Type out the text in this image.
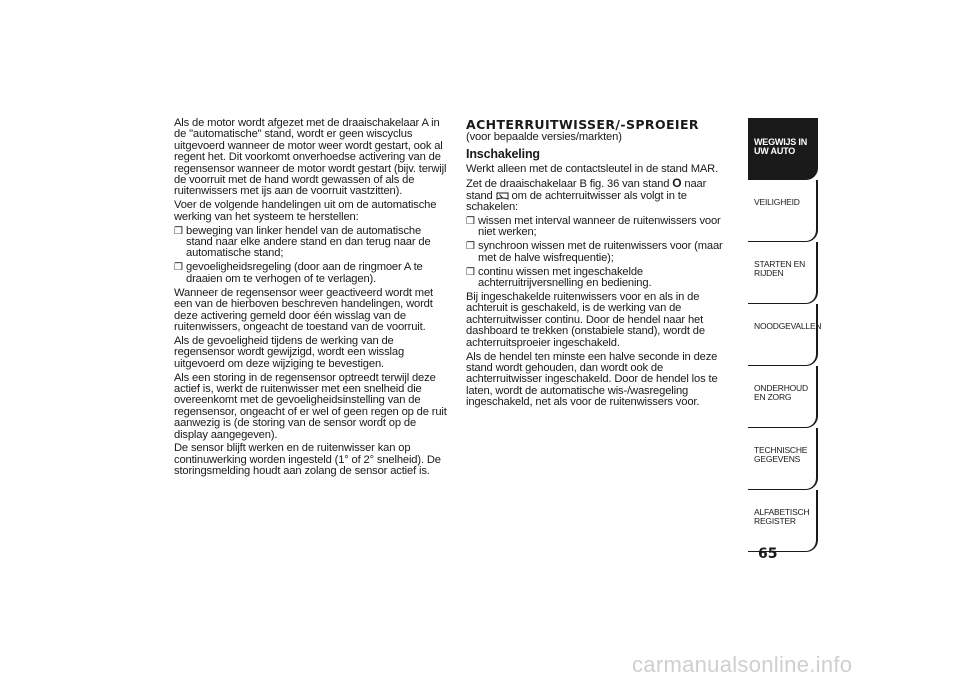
Als de motor wordt afgezet met de draaischakelaar A in de "automatische" stand, wordt er geen wiscyclus uitgevoerd wanneer de motor weer wordt gestart, ook al regent het. Dit voorkomt onverhoedse activering van de regensensor wanneer de motor wordt gestart (bijv. terwijl de voorruit met de hand wordt gewassen of als de ruitenwissers met ijs aan de voorruit vastzitten).

Voer de volgende handelingen uit om de automatische werking van het systeem te herstellen:

❒ beweging van linker hendel van de automatische stand naar elke andere stand en dan terug naar de automatische stand;
❒ gevoeligheidsregeling (door aan de ringmoer A te draaien om te verhogen of te verlagen).

Wanneer de regensensor weer geactiveerd wordt met een van de hierboven beschreven handelingen, wordt deze activering gemeld door één wisslag van de ruitenwissers, ongeacht de toestand van de voorruit.

Als de gevoeligheid tijdens de werking van de regensensor wordt gewijzigd, wordt een wisslag uitgevoerd om deze wijziging te bevestigen.

Als een storing in de regensensor optreedt terwijl deze actief is, werkt de ruitenwisser met een snelheid die overeenkomt met de gevoeligheidsinstelling van de regensensor, ongeacht of er wel of geen regen op de ruit aanwezig is (de storing van de sensor wordt op de display aangegeven).

De sensor blijft werken en de ruitenwisser kan op continuwerking worden ingesteld (1° of 2° snelheid). De storingsmelding houdt aan zolang de sensor actief is.

ACHTERRUITWISSER/-SPROEIER

(voor bepaalde versies/markten)

Inschakeling

Werkt alleen met de contactsleutel in de stand MAR.

Zet de draaischakelaar B fig. 36 van stand O naar stand  om de achterruitwisser als volgt in te schakelen:

❒ wissen met interval wanneer de ruitenwissers voor niet werken;
❒ synchroon wissen met de ruitenwissers voor (maar met de halve wisfrequentie);
❒ continu wissen met ingeschakelde achterruitrijversnelling en bediening.

Bij ingeschakelde ruitenwissers voor en als in de achteruit is geschakeld, is de werking van de achterruitwisser continu. Door de hendel naar het dashboard te trekken (onstabiele stand), wordt de achterruitsproeier ingeschakeld.

Als de hendel ten minste een halve seconde in deze stand wordt gehouden, dan wordt ook de achterruitwisser ingeschakeld. Door de hendel los te laten, wordt de automatische wis-/wasregeling ingeschakeld, net als voor de ruitenwissers voor.

WEGWIJS IN UW AUTO
VEILIGHEID
STARTEN EN RIJDEN
NOODGEVALLEN
ONDERHOUD EN ZORG
TECHNISCHE GEGEVENS
ALFABETISCH REGISTER
65
carmanualsonline.info
